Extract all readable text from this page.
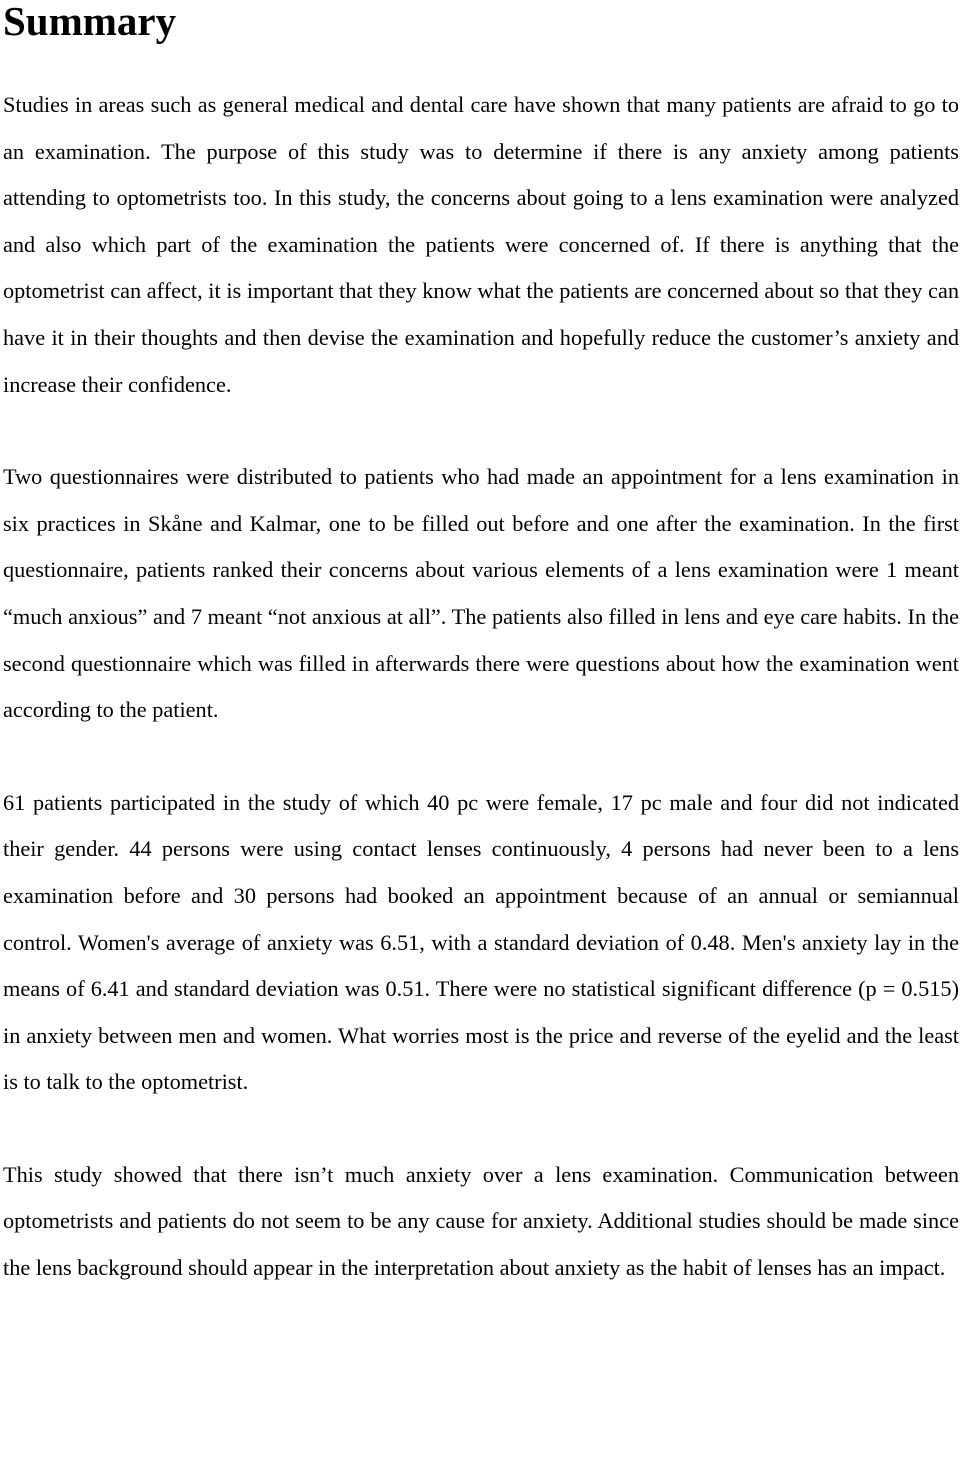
Summary

Studies in areas such as general medical and dental care have shown that many patients are afraid to go to an examination. The purpose of this study was to determine if there is any anxiety among patients attending to optometrists too. In this study, the concerns about going to a lens examination were analyzed and also which part of the examination the patients were concerned of. If there is anything that the optometrist can affect, it is important that they know what the patients are concerned about so that they can have it in their thoughts and then devise the examination and hopefully reduce the customer’s anxiety and increase their confidence.

Two questionnaires were distributed to patients who had made an appointment for a lens examination in six practices in Skåne and Kalmar, one to be filled out before and one after the examination. In the first questionnaire, patients ranked their concerns about various elements of a lens examination were 1 meant “much anxious” and 7 meant “not anxious at all”. The patients also filled in lens and eye care habits. In the second questionnaire which was filled in afterwards there were questions about how the examination went according to the patient.

61 patients participated in the study of which 40 pc were female, 17 pc male and four did not indicated their gender. 44 persons were using contact lenses continuously, 4 persons had never been to a lens examination before and 30 persons had booked an appointment because of an annual or semiannual control. Women's average of anxiety was 6.51, with a standard deviation of 0.48. Men's anxiety lay in the means of 6.41 and standard deviation was 0.51. There were no statistical significant difference (p = 0.515) in anxiety between men and women. What worries most is the price and reverse of the eyelid and the least is to talk to the optometrist.

This study showed that there isn’t much anxiety over a lens examination. Communication between optometrists and patients do not seem to be any cause for anxiety. Additional studies should be made since the lens background should appear in the interpretation about anxiety as the habit of lenses has an impact.
